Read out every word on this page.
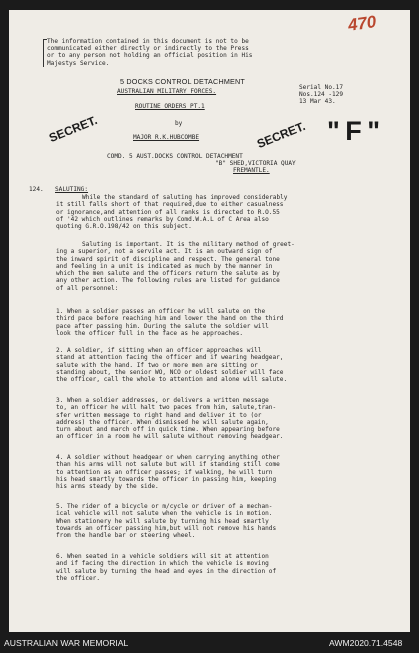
470
The information contained in this document is not to be
communicated either directly or indirectly to the Press
or to any person not holding an official position in His
Majestys Service.
5 DOCKS CONTROL DETACHMENT
AUSTRALIAN MILITARY FORCES.
ROUTINE ORDERS PT.1
by
MAJOR R.K.HUBCOMBE
Serial No.17
Nos.124 -129
13 Mar 43.
SECRET.	SECRET. " F "
COMD. 5 AUST.DOCKS CONTROL DETACHMENT
"B" SHED,VICTORIA QUAY
FREMANTLE.
124. SALUTING:
While the standard of saluting has improved considerably
it still falls short of that required,due to either casualness
or ignorance,and attention of all ranks is directed to R.O.55
of '42 which outlines remarks by Comd.W.A.L of C Area also
quoting G.R.O.198/42 on this subject.
Saluting is important. It is the military method of greet-
ing a superior, not a servile act. It is an outward sign of
the inward spirit of discipline and respect. The general tone
and feeling in a unit is indicated as much by the manner in
which the men salute and the officers return the salute as by
any other action. The following rules are listed for guidance
of all personnel:
1. When a soldier passes an officer he will salute on the
third pace before reaching him and lower the hand on the third
pace after passing him. During the salute the soldier will
look the officer full in the face as he approaches.
2. A soldier, if sitting when an officer approaches will
stand at attention facing the officer and if wearing headgear,
salute with the hand. If two or more men are sitting or
standing about, the senior WO, NCO or oldest soldier will face
the officer, call the whole to attention and alone will salute.
3. When a soldier addresses, or delivers a written message
to, an officer he will halt two paces from him, salute,tran-
sfer written message to right hand and deliver it to (or
address) the officer. When dismissed he will salute again,
turn about and march off in quick time. When appearing before
an officer in a room he will salute without removing headgear.
4. A soldier without headgear or when carrying anything other
than his arms will not salute but will if standing still come
to attention as an officer passes; if walking, he will turn
his head smartly towards the officer in passing him, keeping
his arms steady by the side.
5. The rider of a bicycle or m/cycle or driver of a mechan-
ical vehicle will not salute when the vehicle is in motion.
When stationery he will salute by turning his head smartly
towards an officer passing him,but will not remove his hands
from the handle bar or steering wheel.
6. When seated in a vehicle soldiers will sit at attention
and if facing the direction in which the vehicle is moving
will salute by turning the head and eyes in the direction of
the officer.
AUSTRALIAN WAR MEMORIAL	AWM2020.71.4548
